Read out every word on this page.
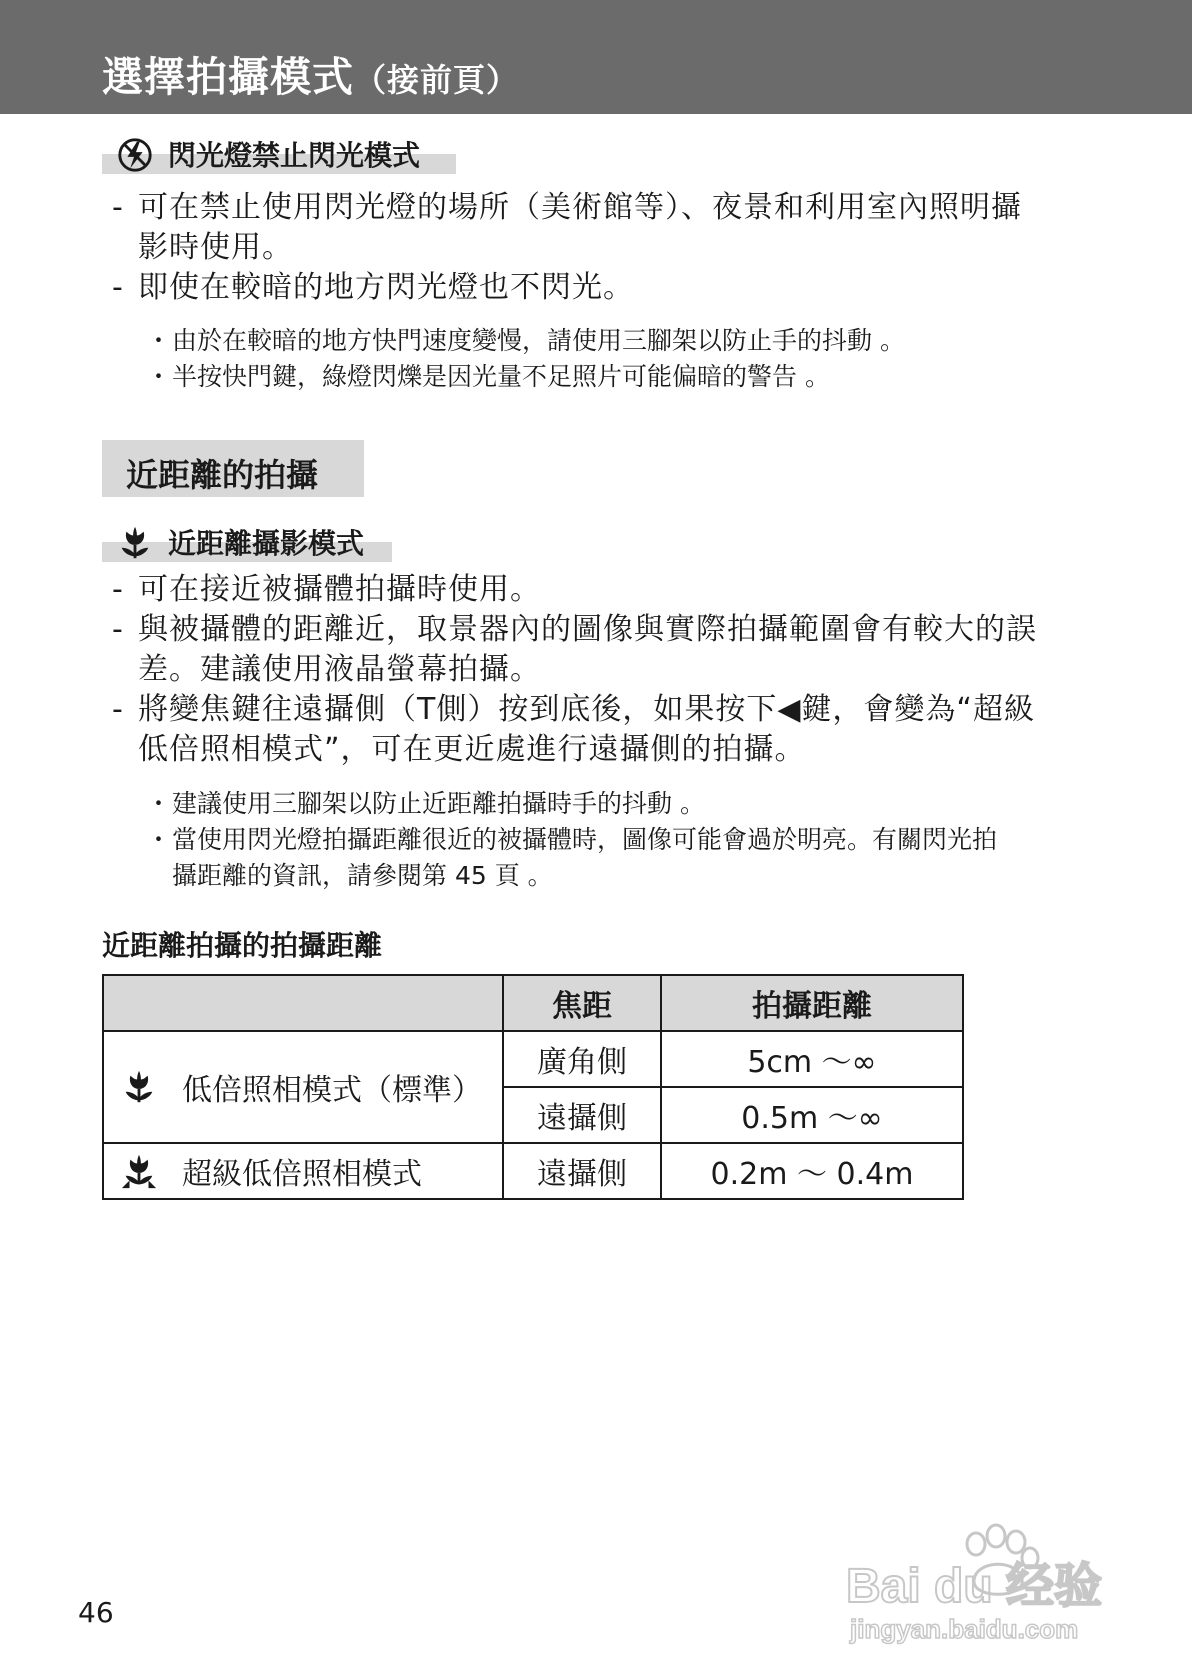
選擇拍攝模式（接前頁）
閃光燈禁止閃光模式
- 可在禁止使用閃光燈的場所（美術館等）、夜景和利用室內照明攝
影時使用。
- 即使在較暗的地方閃光燈也不閃光。
・ 由於在較暗的地方快門速度變慢，請使用三腳架以防止手的抖動 。
・ 半按快門鍵，綠燈閃爍是因光量不足照片可能偏暗的警告 。
近距離的拍攝
近距離攝影模式
- 可在接近被攝體拍攝時使用。
- 與被攝體的距離近，取景器內的圖像與實際拍攝範圍會有較大的誤
差。建議使用液晶螢幕拍攝。
- 將變焦鍵往遠攝側（T側）按到底後，如果按下◀鍵，會變為“超級
低倍照相模式”，可在更近處進行遠攝側的拍攝。
・ 建議使用三腳架以防止近距離拍攝時手的抖動 。
・ 當使用閃光燈拍攝距離很近的被攝體時，圖像可能會過於明亮。有關閃光拍
攝距離的資訊，請參閱第 45 頁 。
近距離拍攝的拍攝距離
	焦距	拍攝距離

低倍照相模式（標準）	廣角側	5cm ～∞
	遠攝側	0.5m ～∞

超級低倍照相模式	遠攝側	0.2m ～ 0.4m
46	Bai du 经验
jingyan.baidu.com
